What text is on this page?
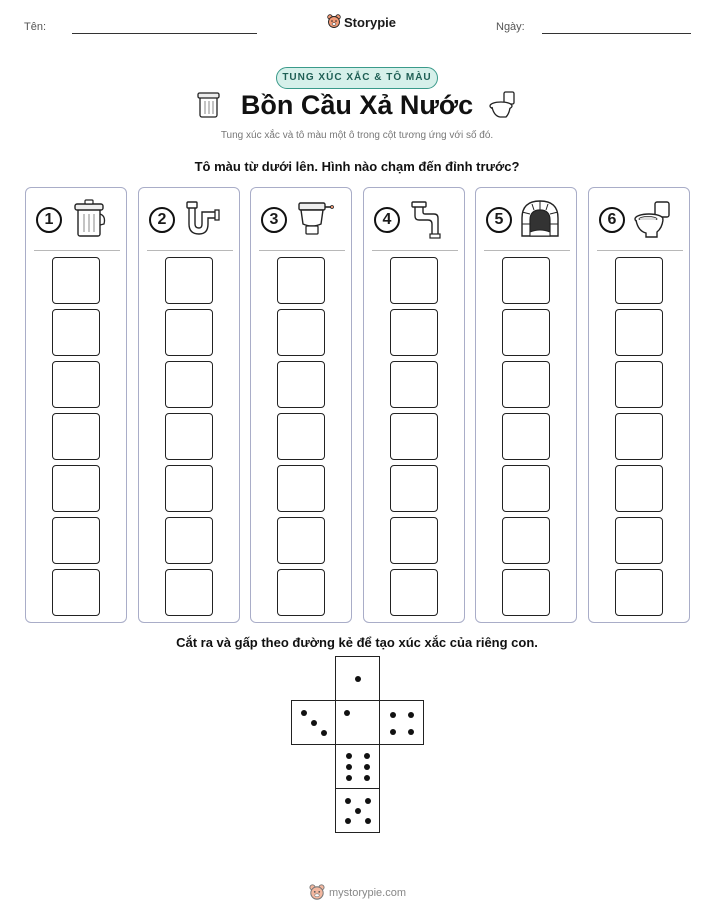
Tên:	Storypie	Ngày:
TUNG XÚC XẮC & TÔ MÀU
Bồn Cầu Xả Nước
Tung xúc xắc và tô màu một ô trong cột tương ứng với số đó.
Tô màu từ dưới lên. Hình nào chạm đến đỉnh trước?
1	2	3	4	5	6
Cắt ra và gấp theo đường kẻ để tạo xúc xắc của riêng con.
mystorypie.com
